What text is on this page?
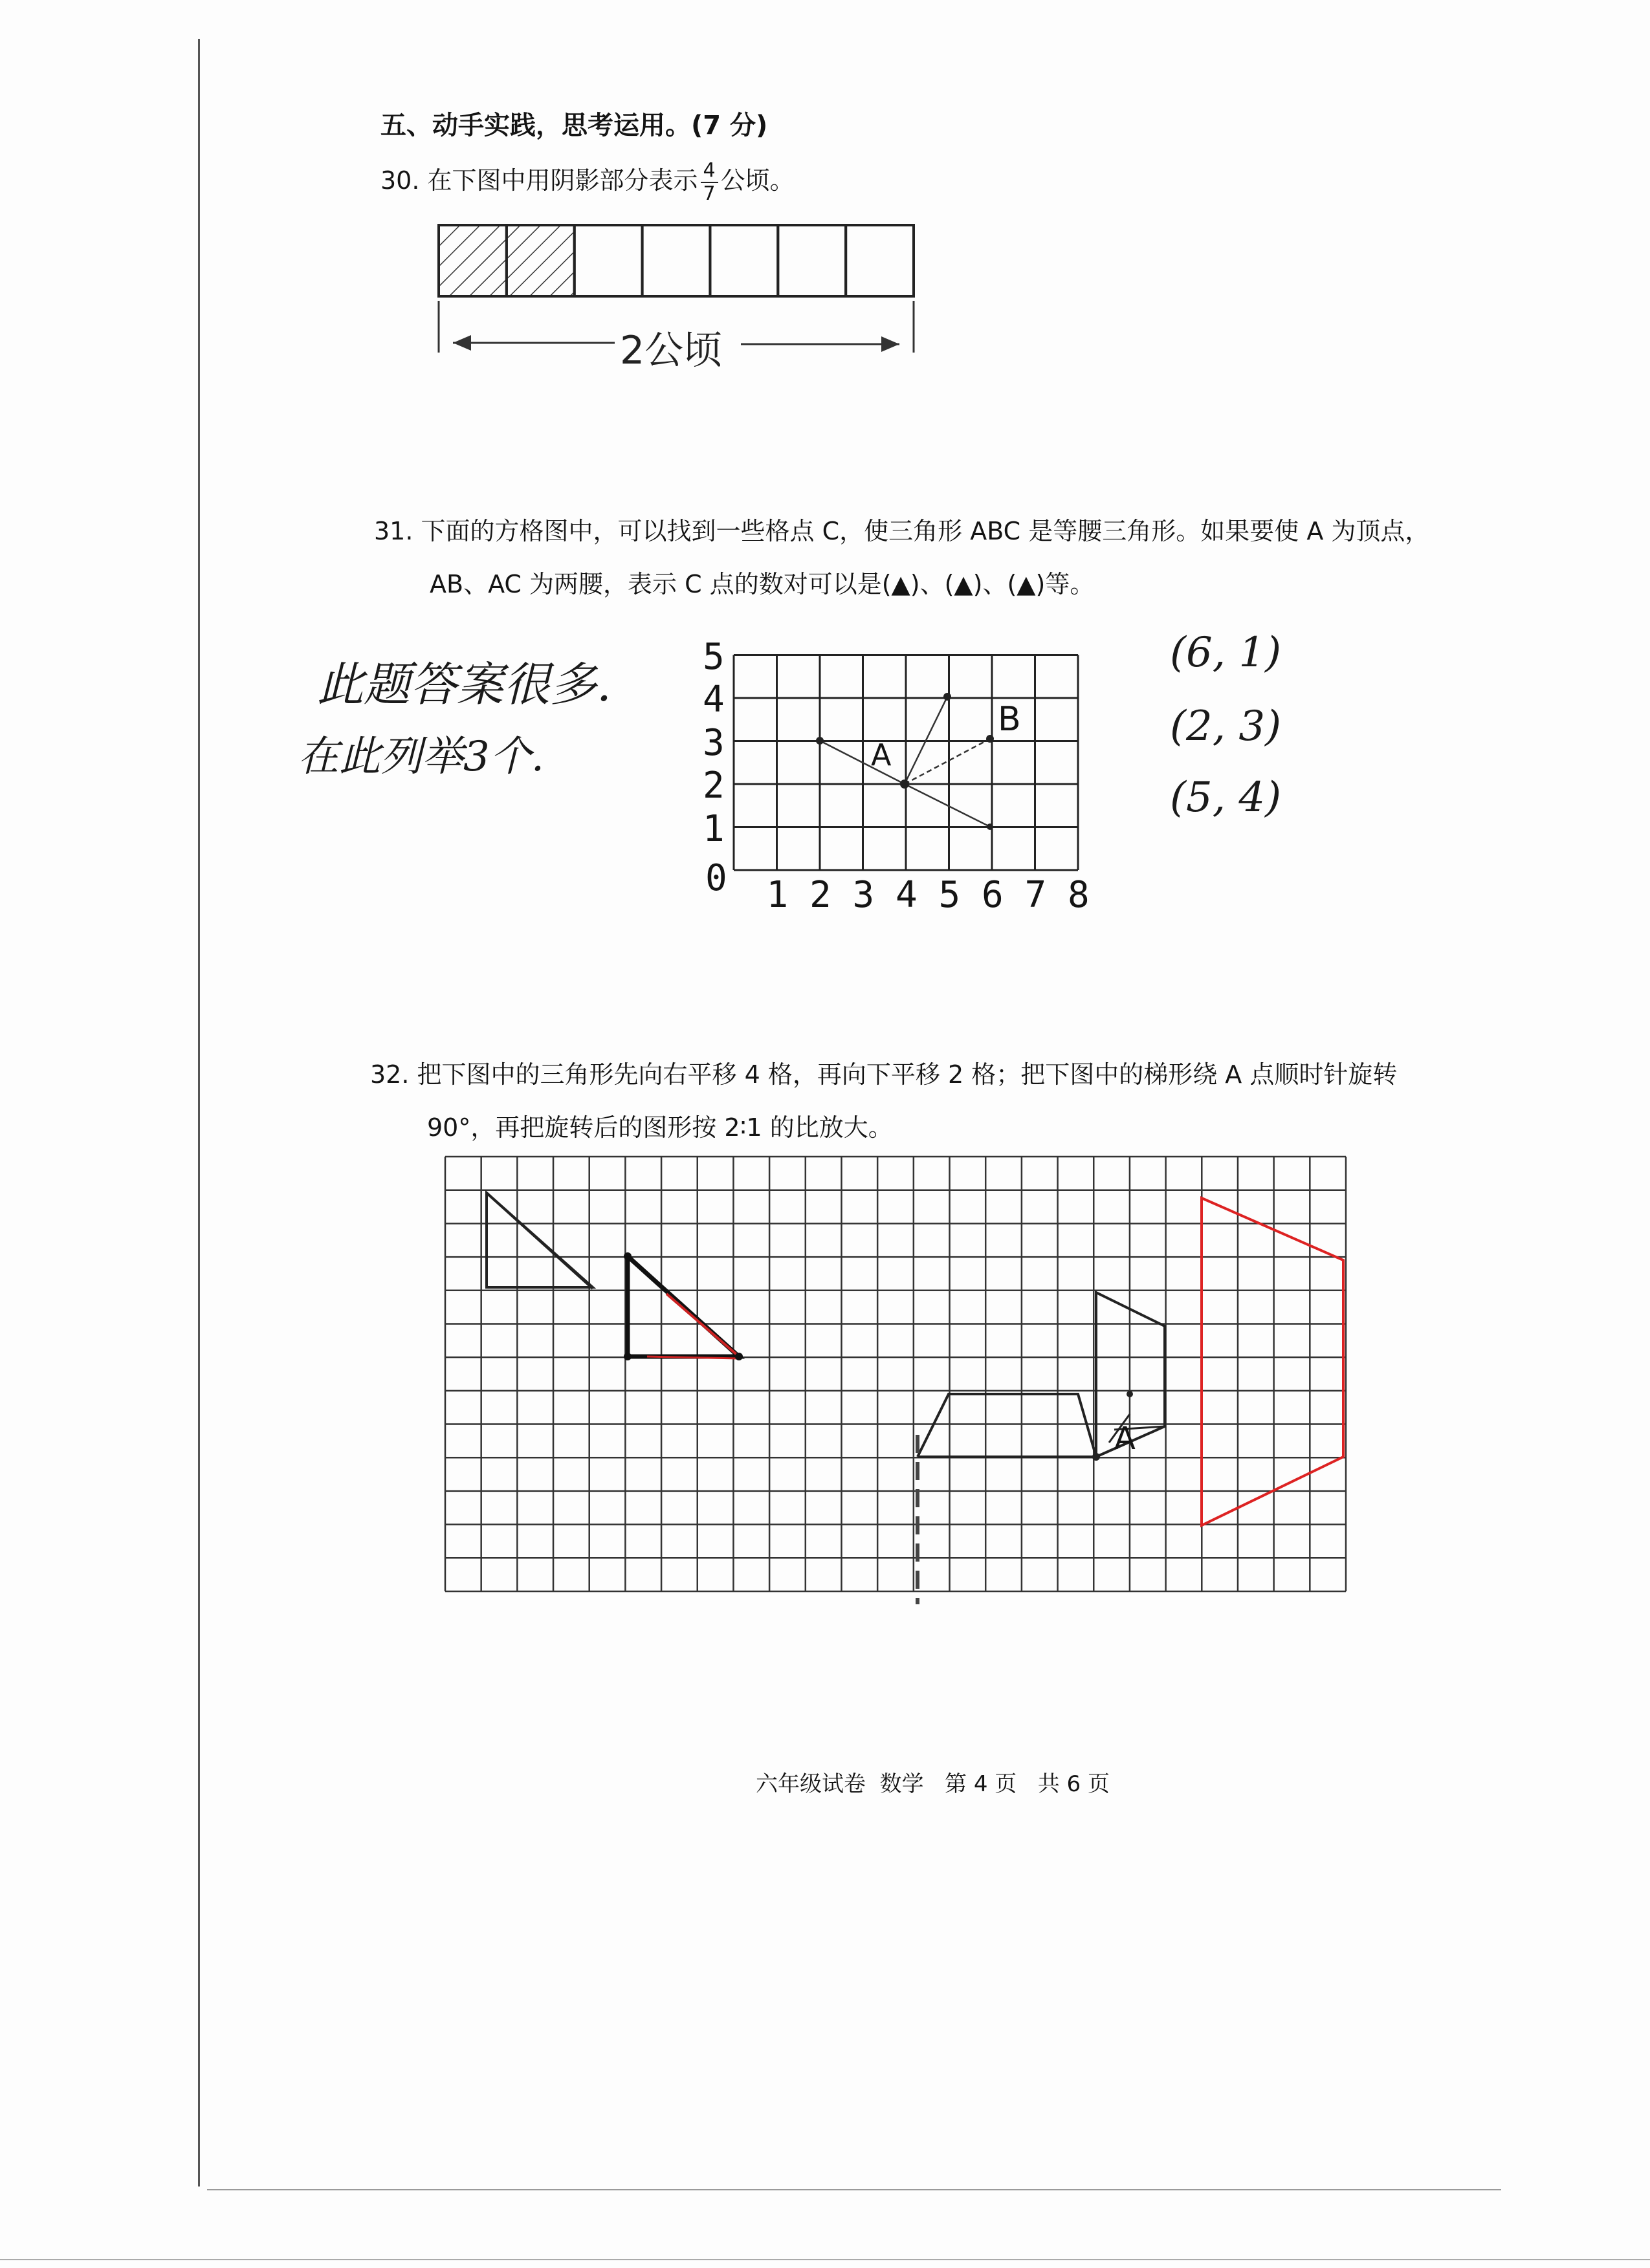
五、动手实践，思考运用。(7 分)
30. 在下图中用阴影部分表示 $\frac{4}{7}$ 公顷。
2公顷
31. 下面的方格图中，可以找到一些格点 C，使三角形 ABC 是等腰三角形。如果要使 A 为顶点，
AB、AC 为两腰，表示 C 点的数对可以是(▲)、(▲)、(▲)等。
此题答案很多.
在此列举3个.
(6, 1)
(2, 3)
(5, 4)
A
B
0 1 2 3 4 5 6 7 8
1
2
3
4
5
32. 把下图中的三角形先向右平移 4 格，再向下平移 2 格；把下图中的梯形绕 A 点顺时针旋转
90°，再把旋转后的图形按 2∶1 的比放大。
A
六年级试卷  数学   第 4 页   共 6 页
